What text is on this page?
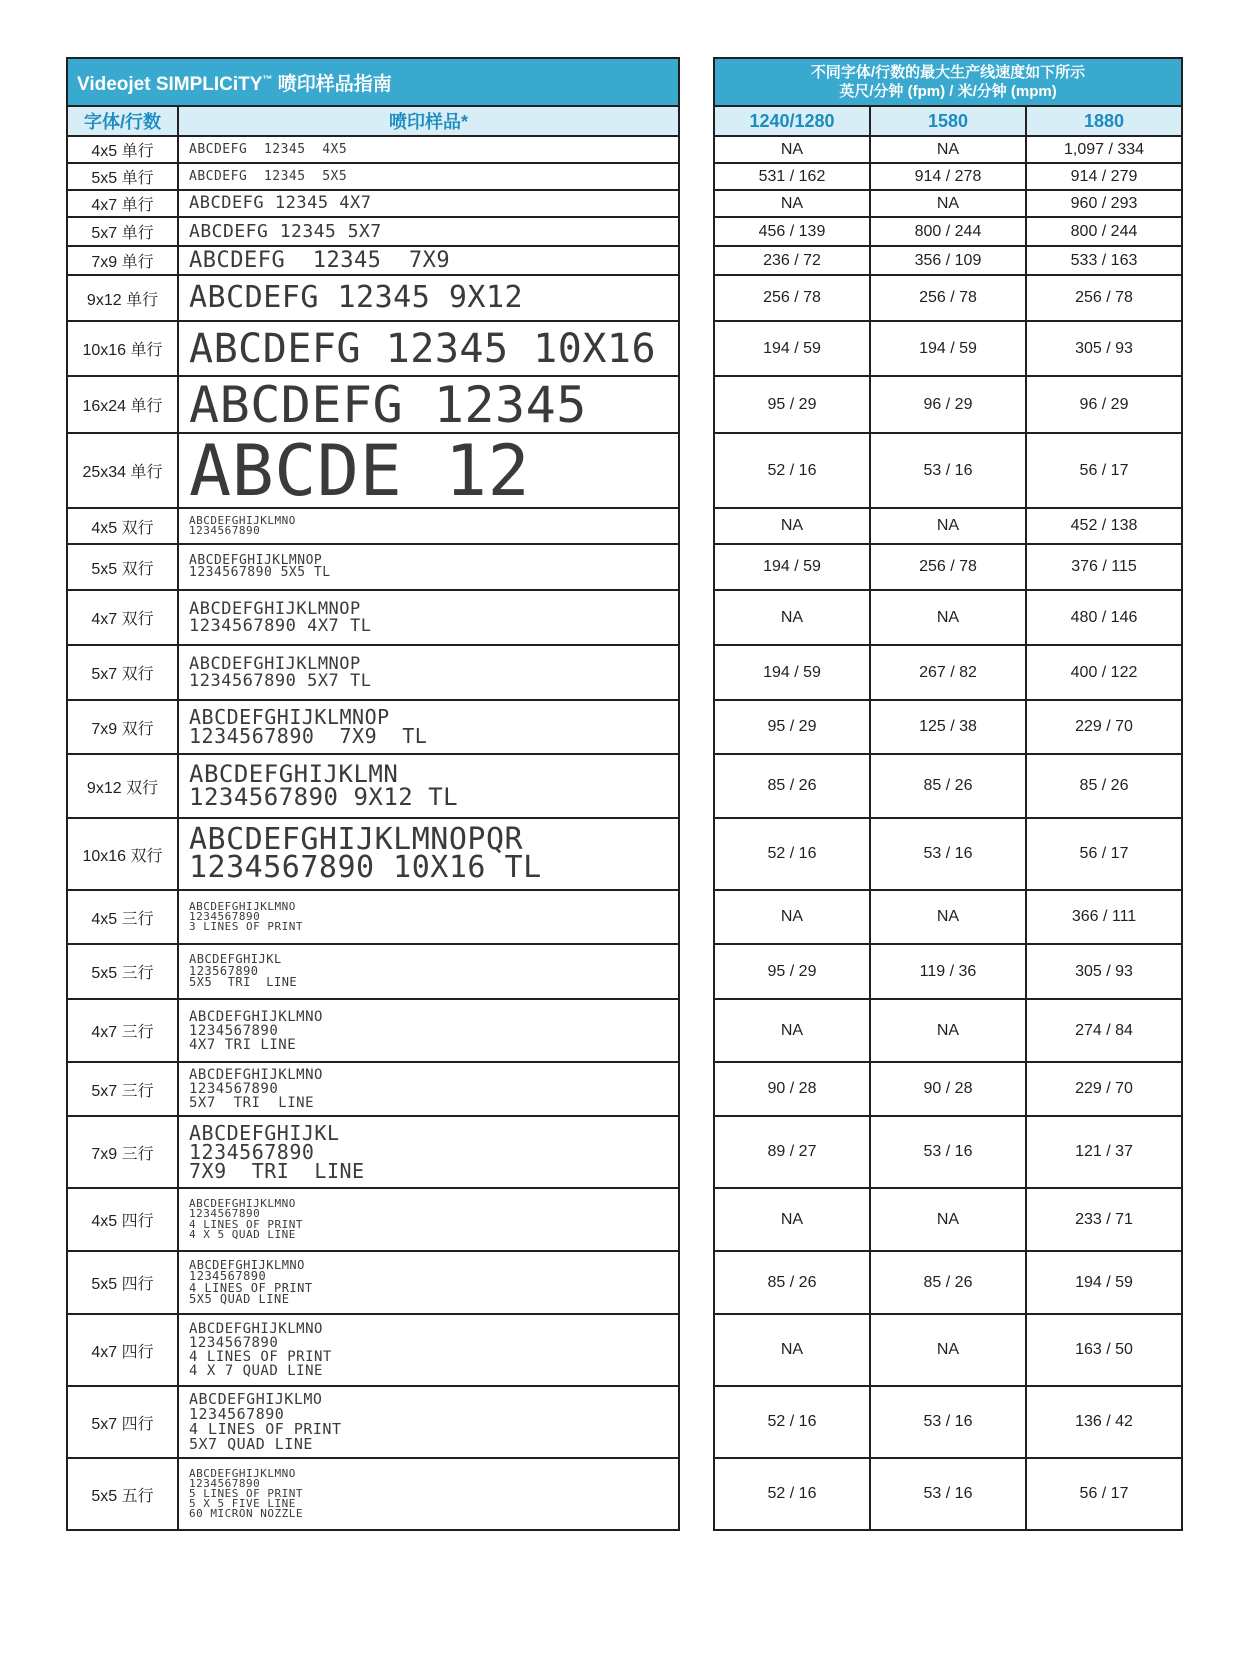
Videojet SIMPLICiTY™ 喷印样品指南	
字体/行数	喷印样品*
4x5 单行	ABCDEFG  12345  4X5

5x5 单行	ABCDEFG  12345  5X5

4x7 单行	ABCDEFG 12345 4X7

5x7 单行	ABCDEFG 12345 5X7

7x9 单行	ABCDEFG  12345  7X9

9x12 单行	ABCDEFG 12345 9X12

10x16 单行	ABCDEFG 12345 10X16

16x24 单行	ABCDEFG 12345

25x34 单行	ABCDE 12

4x5 双行	ABCDEFGHIJKLMNO
1234567890

5x5 双行	ABCDEFGHIJKLMNOP
1234567890 5X5 TL

4x7 双行	ABCDEFGHIJKLMNOP
1234567890 4X7 TL

5x7 双行	ABCDEFGHIJKLMNOP
1234567890 5X7 TL

7x9 双行	ABCDEFGHIJKLMNOP
1234567890  7X9  TL

9x12 双行	ABCDEFGHIJKLMN
1234567890 9X12 TL

10x16 双行	ABCDEFGHIJKLMNOPQR
1234567890 10X16 TL

4x5 三行	ABCDEFGHIJKLMNO
1234567890
3 LINES OF PRINT

5x5 三行	ABCDEFGHIJKL
123567890
5X5  TRI  LINE

4x7 三行	ABCDEFGHIJKLMNO
1234567890
4X7 TRI LINE

5x7 三行	ABCDEFGHIJKLMNO
1234567890
5X7  TRI  LINE

7x9 三行	ABCDEFGHIJKL
1234567890
7X9  TRI  LINE

4x5 四行	ABCDEFGHIJKLMNO
1234567890
4 LINES OF PRINT
4 X 5 QUAD LINE

5x5 四行	ABCDEFGHIJKLMNO
1234567890
4 LINES OF PRINT
5X5 QUAD LINE

4x7 四行	ABCDEFGHIJKLMNO
1234567890
4 LINES OF PRINT
4 X 7 QUAD LINE

5x7 四行	ABCDEFGHIJKLMO
1234567890
4 LINES OF PRINT
5X7 QUAD LINE

5x5 五行	ABCDEFGHIJKLMNO
1234567890
5 LINES OF PRINT
5 X 5 FIVE LINE
60 MICRON NOZZLE
不同字体/行数的最大生产线速度如下所示
英尺/分钟 (fpm) / 米/分钟 (mpm)		
1240/1280	1580	1880
NA	NA	1,097 / 334
531 / 162	914 / 278	914 / 279
NA	NA	960 / 293
456 / 139	800 / 244	800 / 244
236 / 72	356 / 109	533 / 163
256 / 78	256 / 78	256 / 78
194 / 59	194 / 59	305 / 93
95 / 29	96 / 29	96 / 29
52 / 16	53 / 16	56 / 17
NA	NA	452 / 138
194 / 59	256 / 78	376 / 115
NA	NA	480 / 146
194 / 59	267 / 82	400 / 122
95 / 29	125 / 38	229 / 70
85 / 26	85 / 26	85 / 26
52 / 16	53 / 16	56 / 17
NA	NA	366 / 111
95 / 29	119 / 36	305 / 93
NA	NA	274 / 84
90 / 28	90 / 28	229 / 70
89 / 27	53 / 16	121 / 37
NA	NA	233 / 71
85 / 26	85 / 26	194 / 59
NA	NA	163 / 50
52 / 16	53 / 16	136 / 42
52 / 16	53 / 16	56 / 17
